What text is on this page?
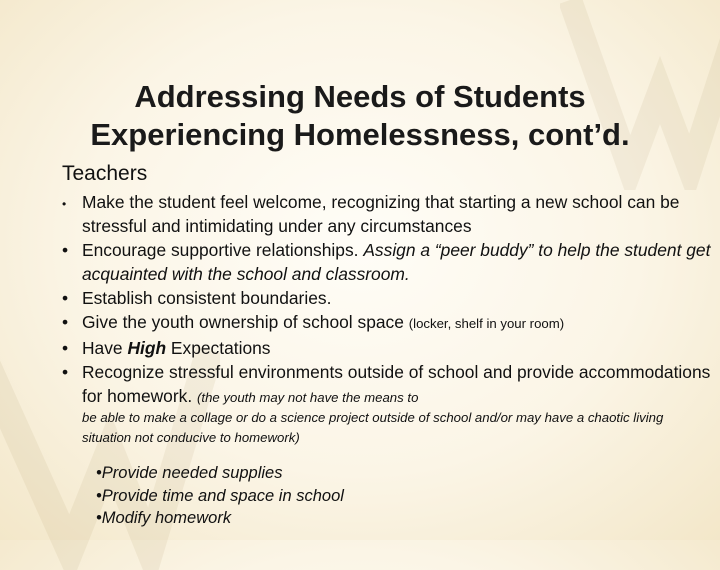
Addressing Needs of Students
Experiencing Homelessness, cont’d.
Teachers
• Make the student feel welcome, recognizing that starting a new school can be stressful and intimidating under any circumstances
• Encourage supportive relationships. Assign a “peer buddy” to help the student get acquainted with the school and classroom.
• Establish consistent boundaries.
• Give the youth ownership of school space (locker, shelf in your room)
• Have High Expectations
• Recognize stressful environments outside of school and provide accommodations for homework. (the youth may not have the means to
be able to make a collage or do a science project outside of school and/or may have a chaotic living situation not conducive to homework)
•Provide needed supplies
•Provide time and space in school
•Modify homework
